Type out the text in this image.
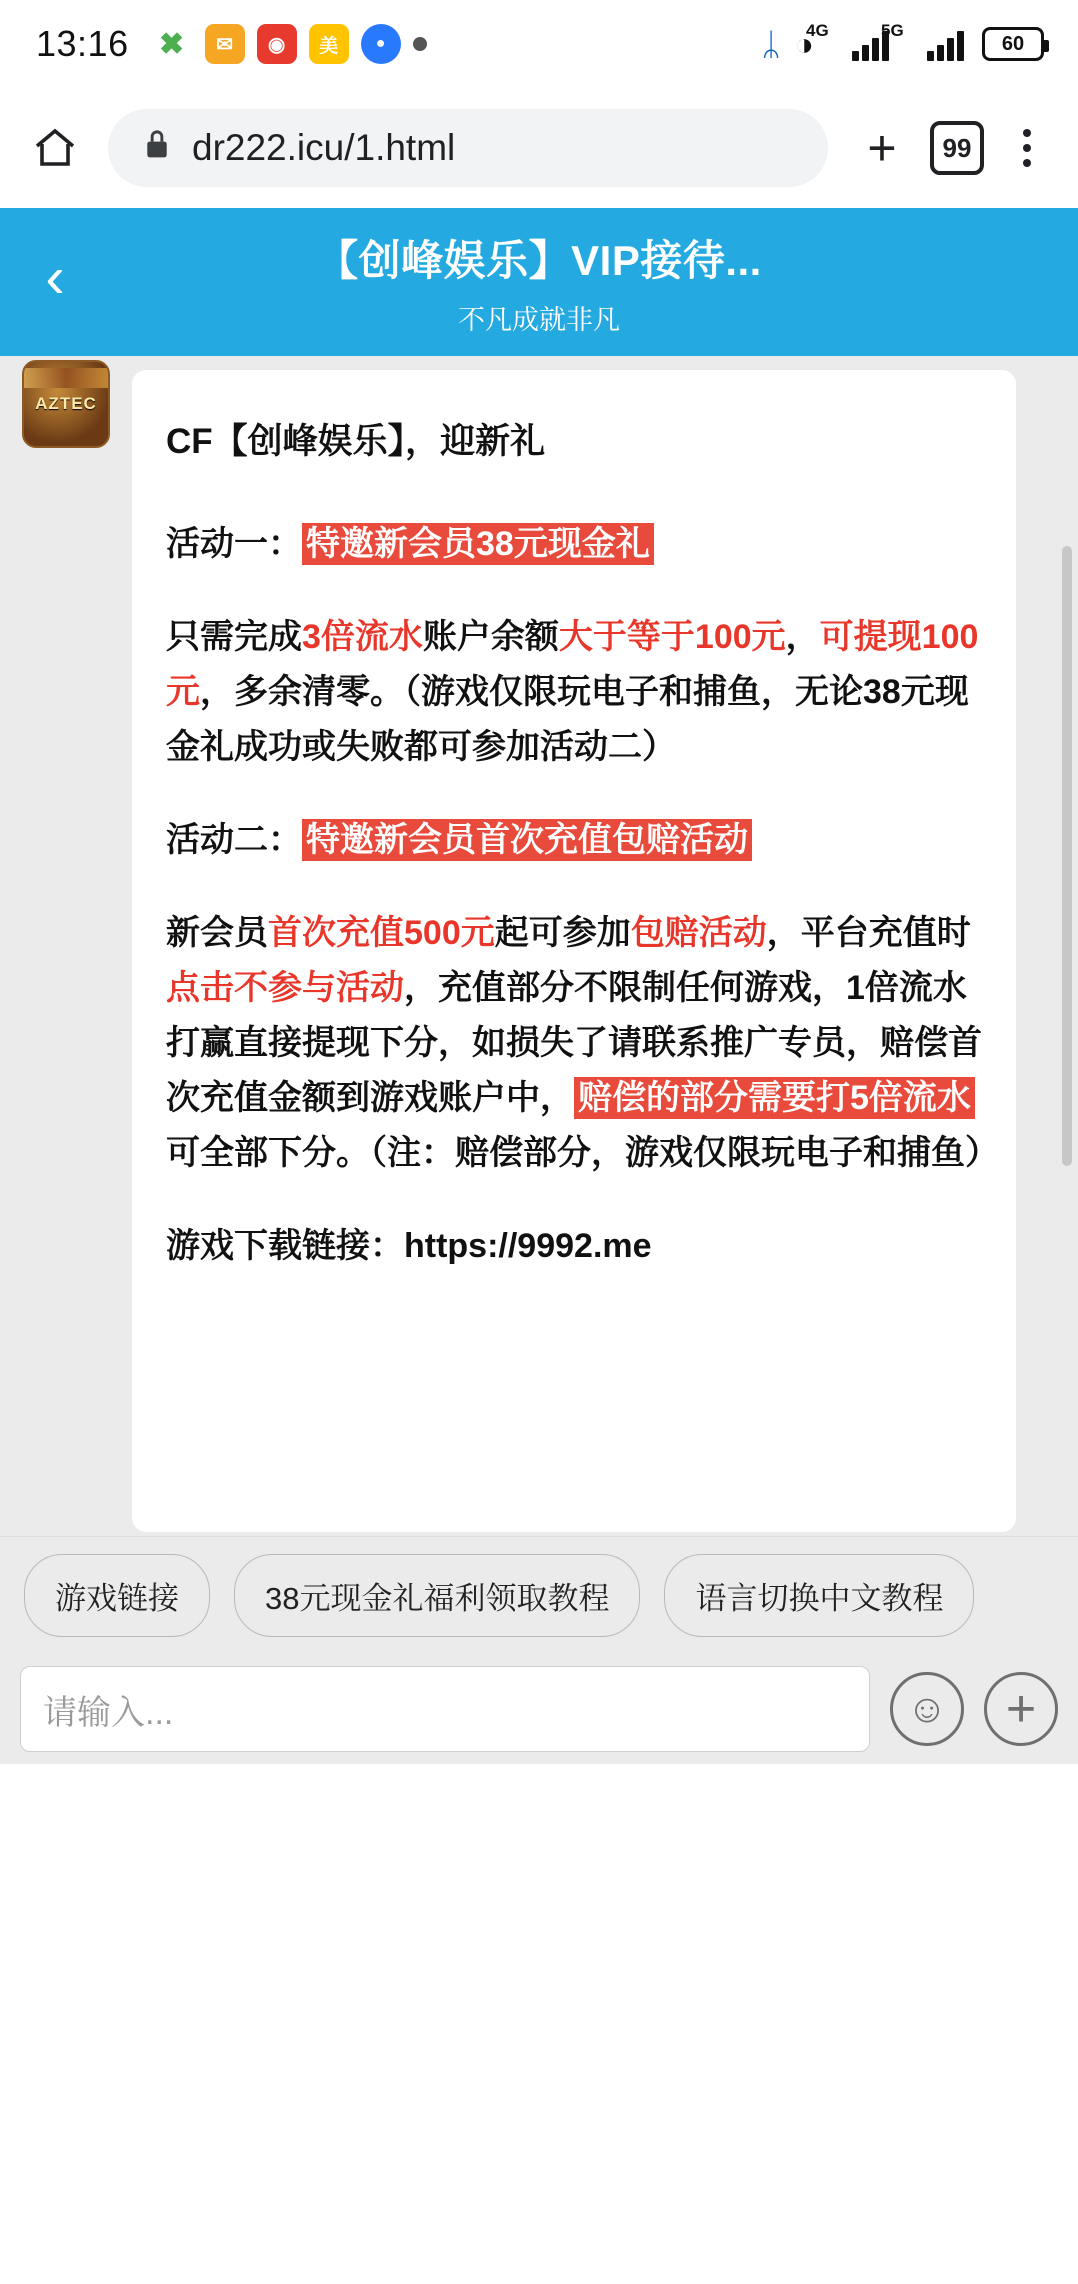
13:16 ✖	✉	◉	美	●	ᛦ ◑
4G	5G
60
dr222.icu/1.html	+	99
‹	【创峰娱乐】VIP接待...
不凡成就非凡
AZTEC
CF【创峰娱乐】，迎新礼

活动一： 特邀新会员38元现金礼

只需完成3倍流水账户余额大于等于100元，可提现100元，多余清零。（游戏仅限玩电子和捕鱼，无论38元现金礼成功或失败都可参加活动二）

活动二： 特邀新会员首次充值包赔活动

新会员首次充值500元起可参加包赔活动，平台充值时点击不参与活动，充值部分不限制任何游戏，1倍流水打赢直接提现下分，如损失了请联系推广专员，赔偿首次充值金额到游戏账户中， 赔偿的部分需要打5倍流水可全部下分。（注：赔偿部分，游戏仅限玩电子和捕鱼）

游戏下载链接：https://9992.me

游戏链接	38元现金礼福利领取教程	语言切换中文教程
请输入...	☺ +
